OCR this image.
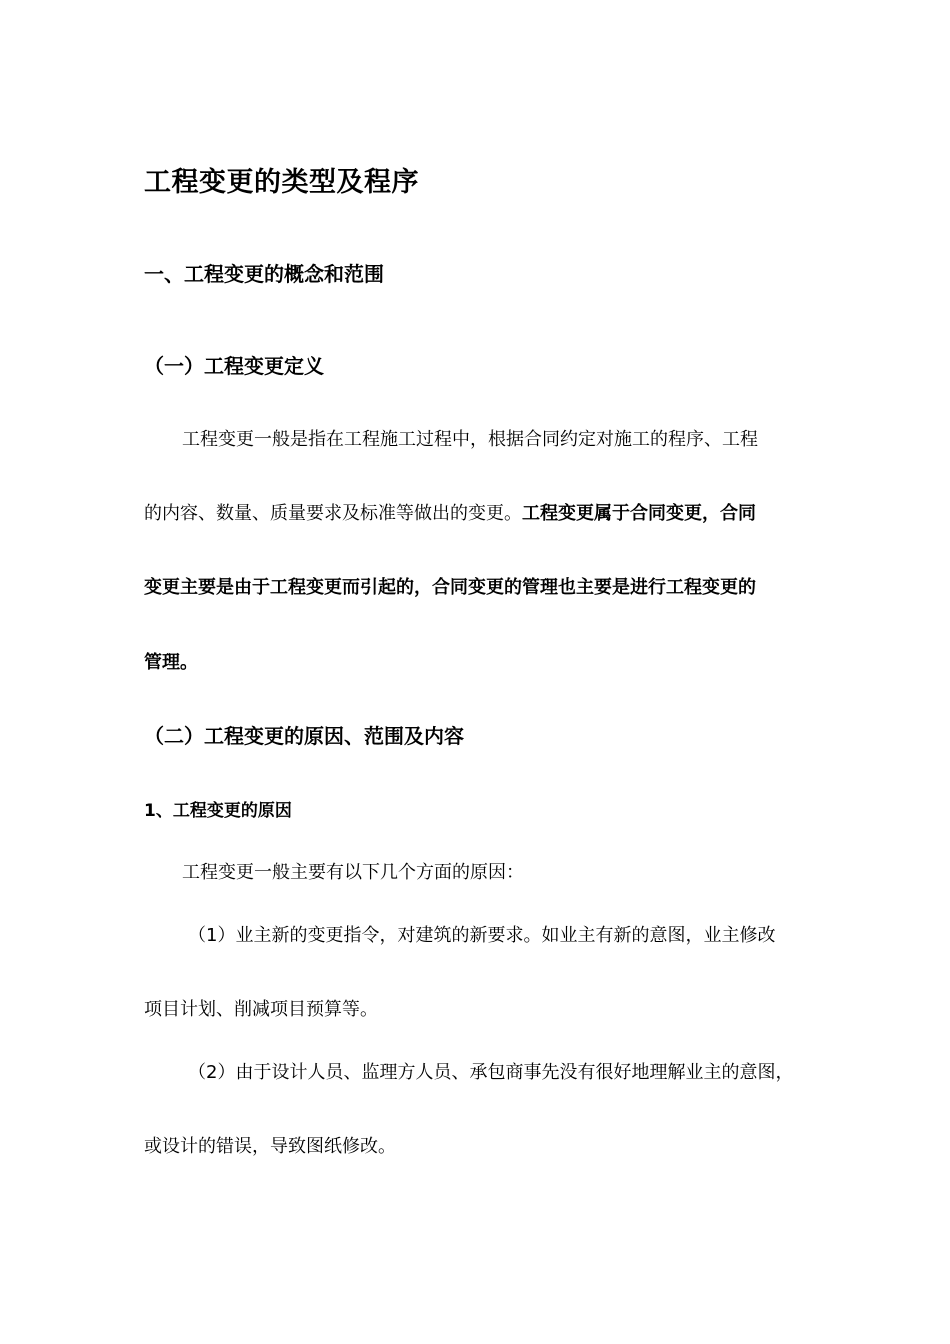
工程变更的类型及程序
一、工程变更的概念和范围
（一）工程变更定义

工程变更一般是指在工程施工过程中，根据合同约定对施工的程序、工程

的内容、数量、质量要求及标准等做出的变更。工程变更属于合同变更，合同

变更主要是由于工程变更而引起的，合同变更的管理也主要是进行工程变更的

管理。

（二）工程变更的原因、范围及内容
1、工程变更的原因

工程变更一般主要有以下几个方面的原因：

（1）业主新的变更指令，对建筑的新要求。如业主有新的意图，业主修改

项目计划、削减项目预算等。

（2）由于设计人员、监理方人员、承包商事先没有很好地理解业主的意图，

或设计的错误，导致图纸修改。
